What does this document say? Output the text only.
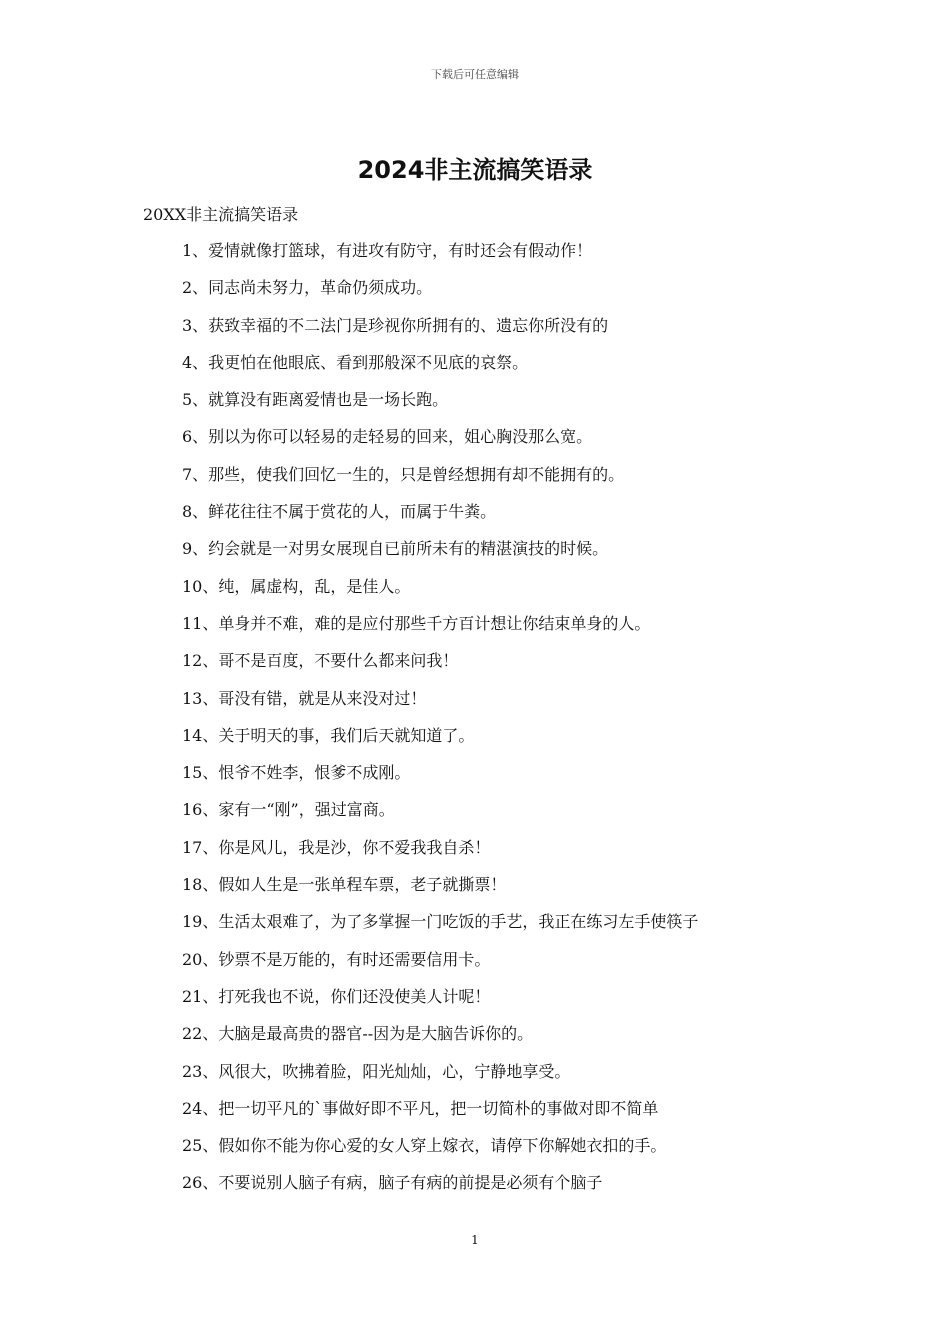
下载后可任意编辑
2024非主流搞笑语录
20XX非主流搞笑语录
1、爱情就像打篮球，有进攻有防守，有时还会有假动作！
2、同志尚未努力，革命仍须成功。
3、获致幸福的不二法门是珍视你所拥有的、遗忘你所没有的
4、我更怕在他眼底、看到那般深不见底的哀祭。
5、就算没有距离爱情也是一场长跑。
6、别以为你可以轻易的走轻易的回来，姐心胸没那么宽。
7、那些，使我们回忆一生的，只是曾经想拥有却不能拥有的。
8、鲜花往往不属于赏花的人，而属于牛粪。
9、约会就是一对男女展现自已前所未有的精湛演技的时候。
10、纯，属虚构，乱，是佳人。
11、单身并不难，难的是应付那些千方百计想让你结束单身的人。
12、哥不是百度，不要什么都来问我！
13、哥没有错，就是从来没对过！
14、关于明天的事，我们后天就知道了。
15、恨爷不姓李，恨爹不成刚。
16、家有一“刚”，强过富商。
17、你是风儿，我是沙，你不爱我我自杀！
18、假如人生是一张单程车票，老子就撕票！
19、生活太艰难了，为了多掌握一门吃饭的手艺，我正在练习左手使筷子
20、钞票不是万能的，有时还需要信用卡。
21、打死我也不说，你们还没使美人计呢！
22、大脑是最高贵的器官--因为是大脑告诉你的。
23、风很大，吹拂着脸，阳光灿灿，心，宁静地享受。
24、把一切平凡的`事做好即不平凡，把一切简朴的事做对即不简单
25、假如你不能为你心爱的女人穿上嫁衣，请停下你解她衣扣的手。
26、不要说别人脑子有病，脑子有病的前提是必须有个脑子
1
